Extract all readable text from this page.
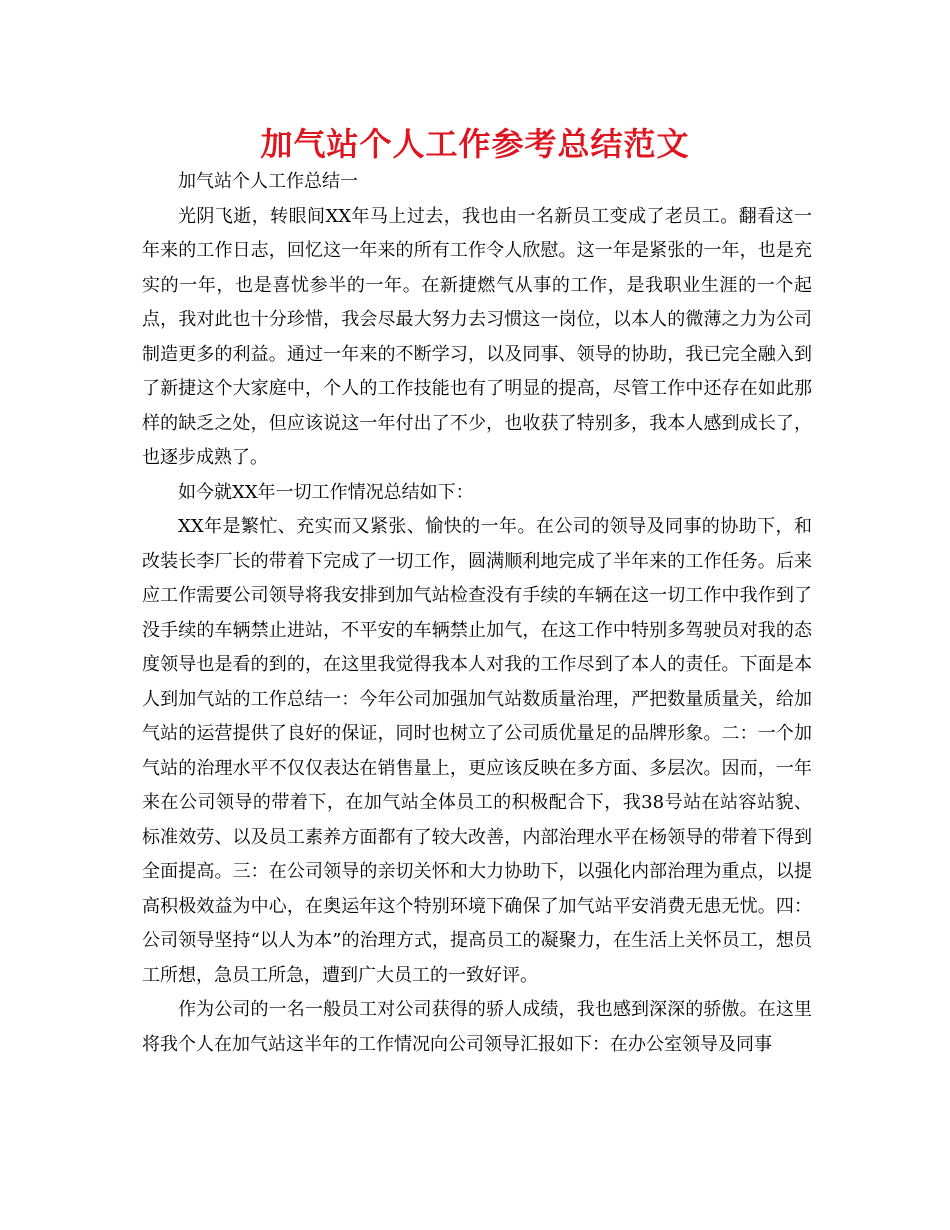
加气站个人工作参考总结范文

加气站个人工作总结一

光阴飞逝，转眼间XX年马上过去，我也由一名新员工变成了老员工。翻看这一年来的工作日志，回忆这一年来的所有工作令人欣慰。这一年是紧张的一年，也是充实的一年，也是喜忧参半的一年。在新捷燃气从事的工作，是我职业生涯的一个起点，我对此也十分珍惜，我会尽最大努力去习惯这一岗位，以本人的微薄之力为公司制造更多的利益。通过一年来的不断学习，以及同事、领导的协助，我已完全融入到了新捷这个大家庭中，个人的工作技能也有了明显的提高，尽管工作中还存在如此那样的缺乏之处，但应该说这一年付出了不少，也收获了特别多，我本人感到成长了，也逐步成熟了。

如今就XX年一切工作情况总结如下：

XX年是繁忙、充实而又紧张、愉快的一年。在公司的领导及同事的协助下，和改装长李厂长的带着下完成了一切工作，圆满顺利地完成了半年来的工作任务。后来应工作需要公司领导将我安排到加气站检查没有手续的车辆在这一切工作中我作到了没手续的车辆禁止进站，不平安的车辆禁止加气，在这工作中特别多驾驶员对我的态度领导也是看的到的，在这里我觉得我本人对我的工作尽到了本人的责任。下面是本人到加气站的工作总结一：今年公司加强加气站数质量治理，严把数量质量关，给加气站的运营提供了良好的保证，同时也树立了公司质优量足的品牌形象。二：一个加气站的治理水平不仅仅表达在销售量上，更应该反映在多方面、多层次。因而，一年来在公司领导的带着下，在加气站全体员工的积极配合下，我38号站在站容站貌、标准效劳、以及员工素养方面都有了较大改善，内部治理水平在杨领导的带着下得到全面提高。三：在公司领导的亲切关怀和大力协助下，以强化内部治理为重点，以提高积极效益为中心，在奥运年这个特别环境下确保了加气站平安消费无患无忧。四：公司领导坚持“以人为本”的治理方式，提高员工的凝聚力，在生活上关怀员工，想员工所想，急员工所急，遭到广大员工的一致好评。

作为公司的一名一般员工对公司获得的骄人成绩，我也感到深深的骄傲。在这里将我个人在加气站这半年的工作情况向公司领导汇报如下：在办公室领导及同事
